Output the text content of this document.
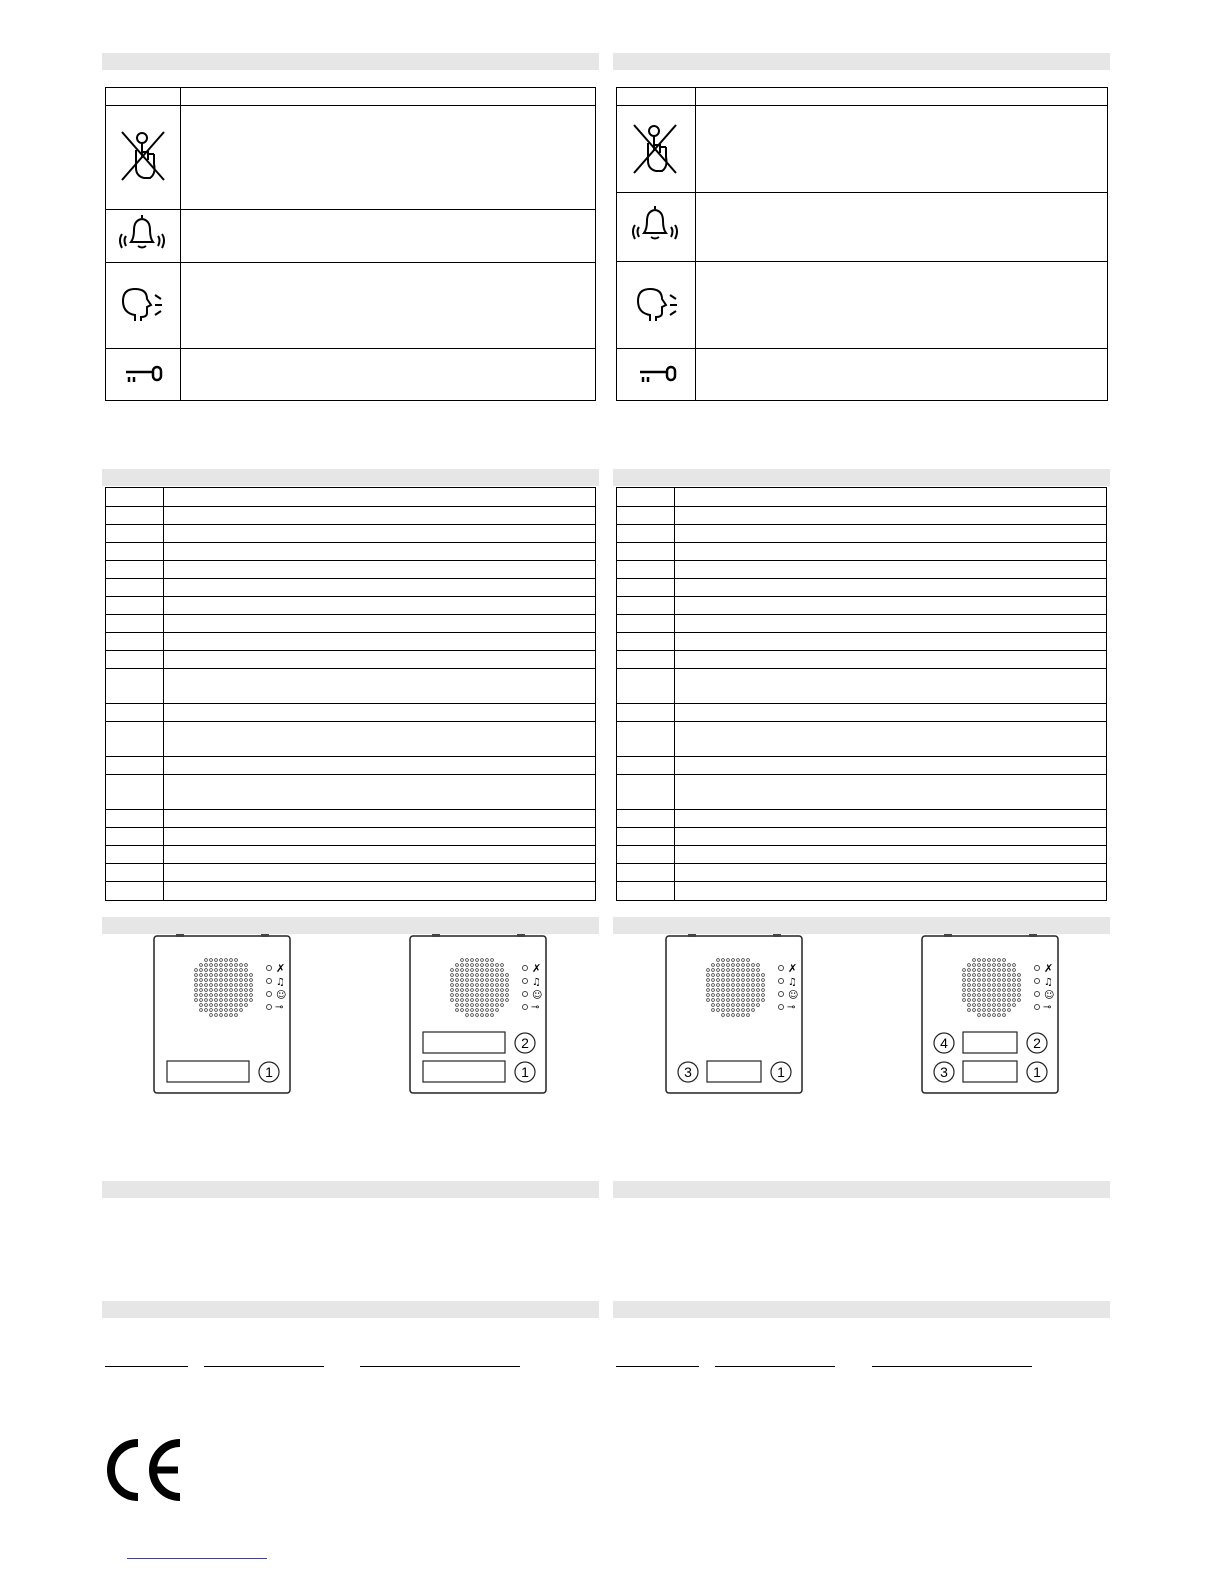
✗
♫
☺
⊸
1
✗
♫
☺
⊸
2
1
✗
♫
☺
⊸
3	1
✗
♫
☺
⊸
4	2
3	1
